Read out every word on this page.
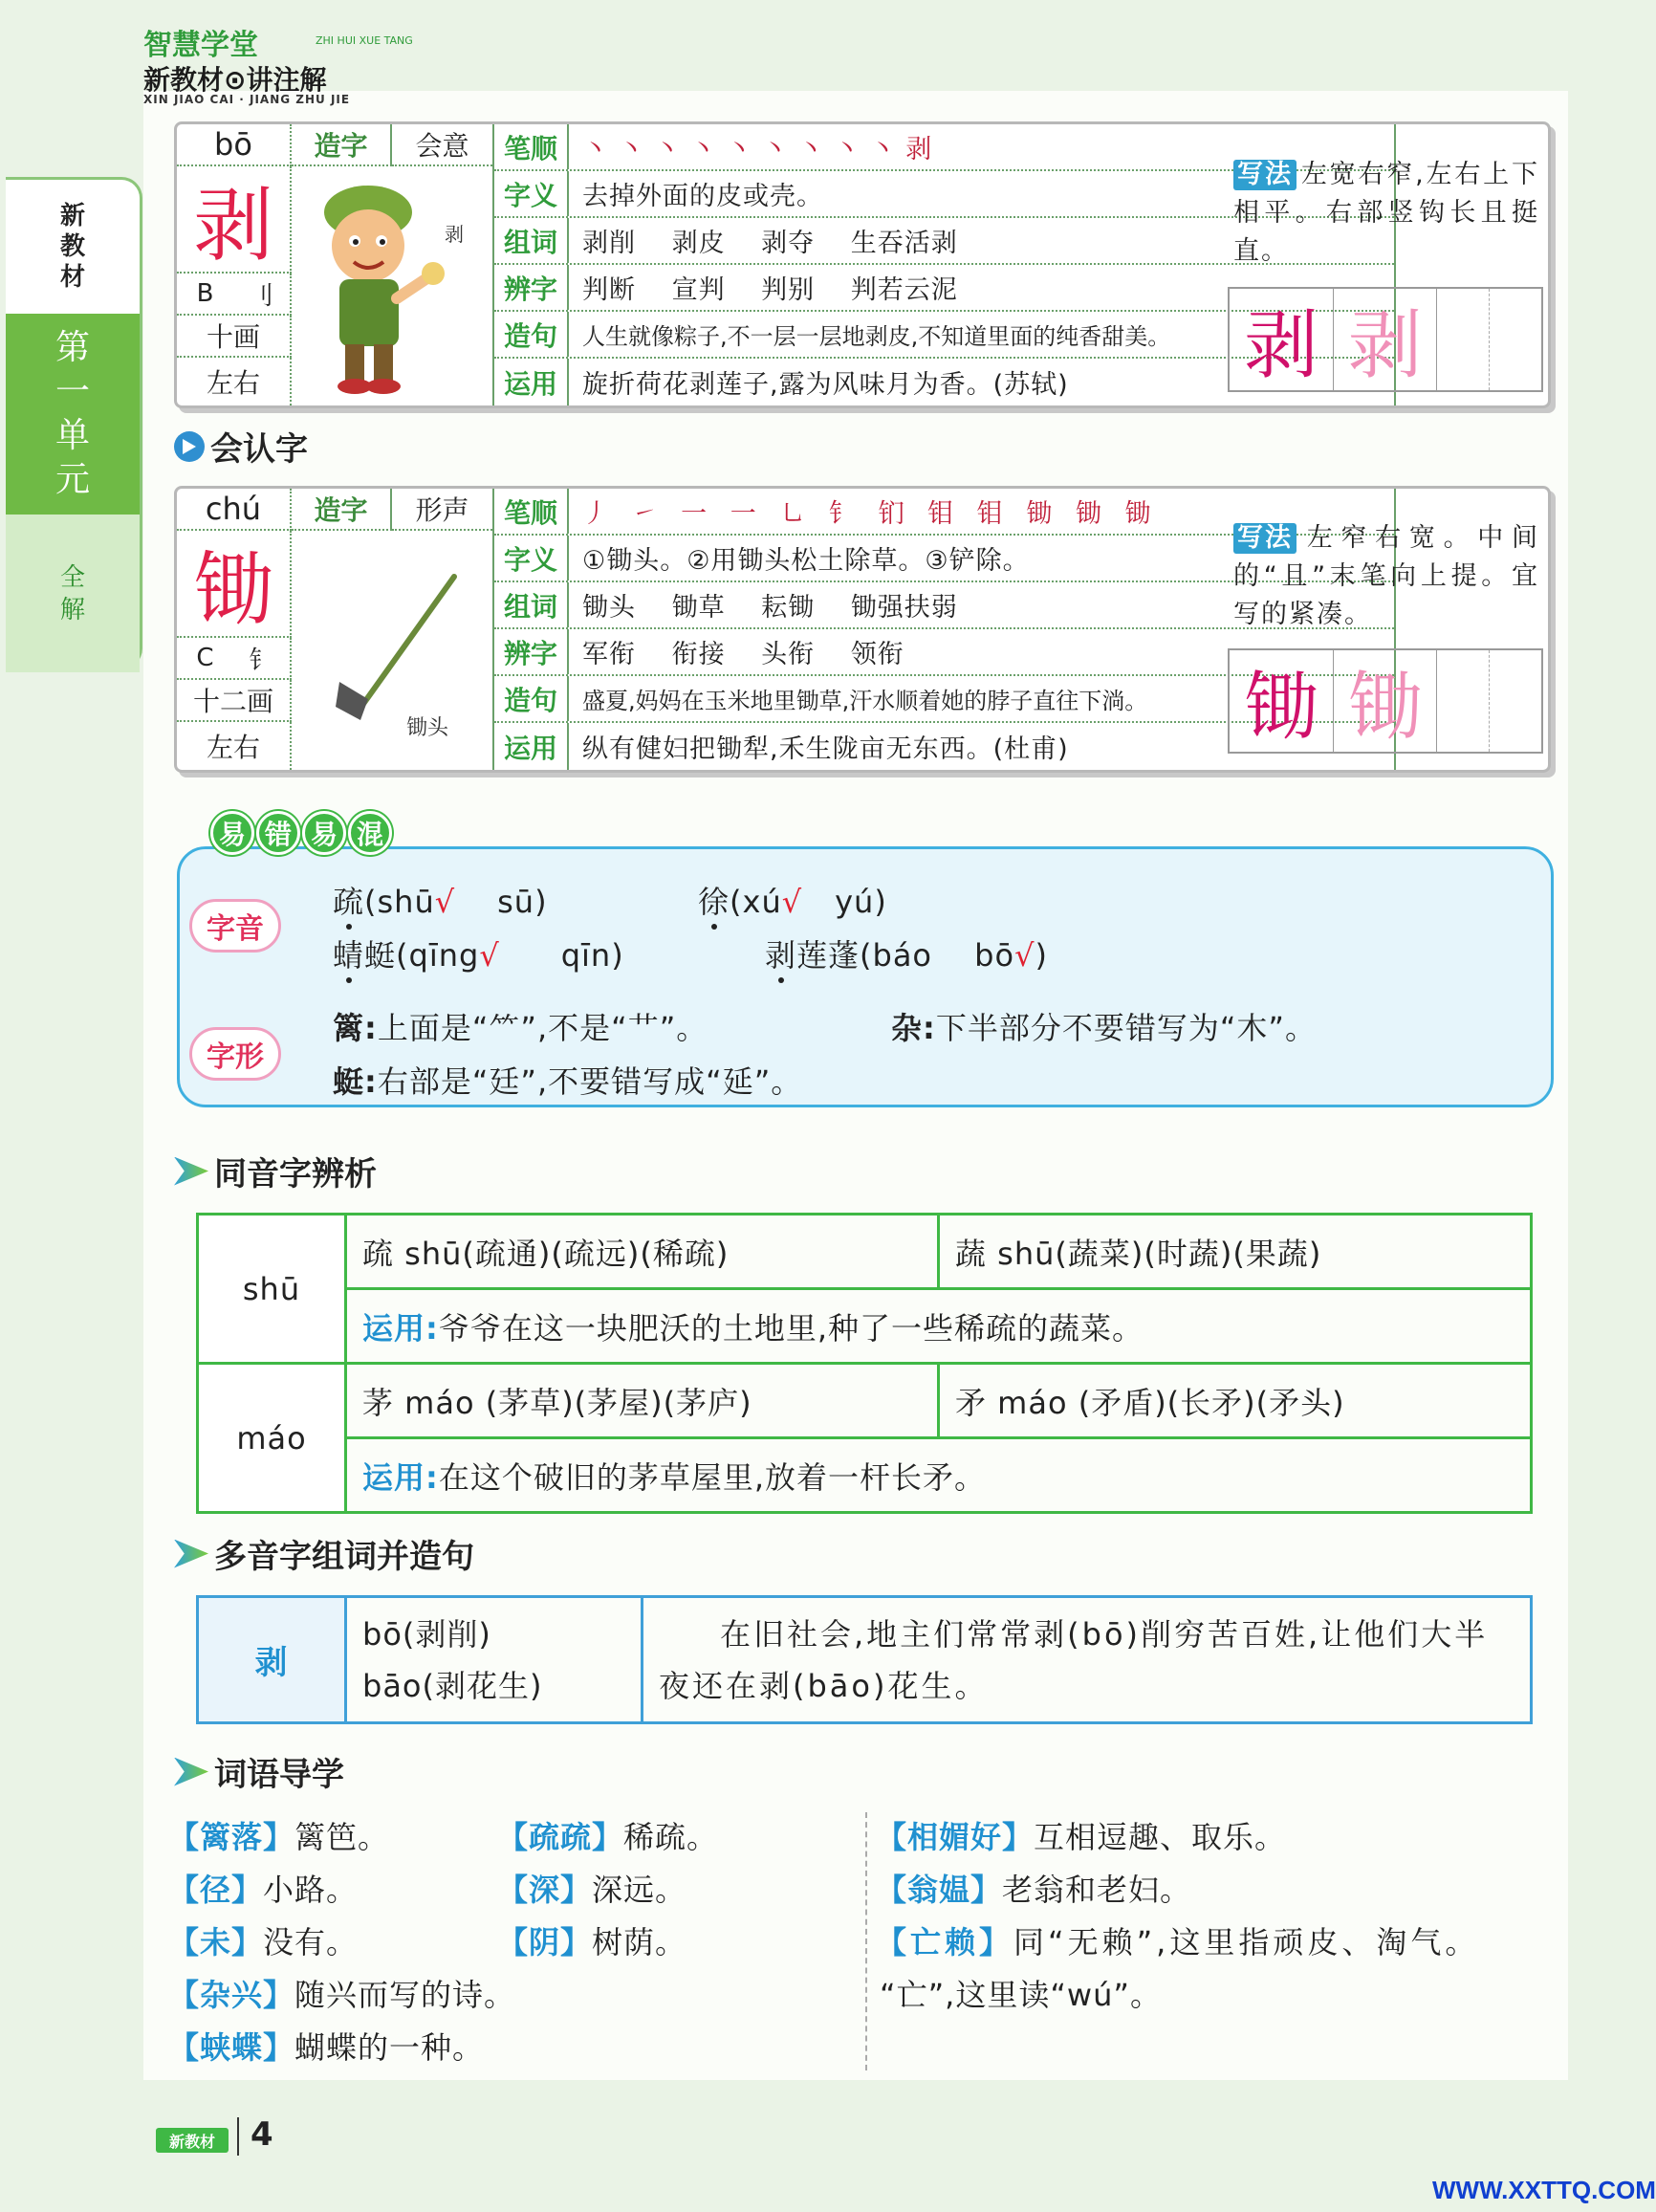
智慧学堂	ZHI HUI XUE TANG
新教材⊙讲注解
XIN JIAO CAI · JIANG ZHU JIE
新
教
材
第
一
单
元
全
解
bō	造字	会意
剥
B	刂
十画
左右
剥
笔顺 丶 丶 丶 丶 丶 丶 丶 丶 丶 剥
字义 去掉外面的皮或壳。
组词 剥削　 剥皮　 剥夺　 生吞活剥
辨字 判断　 宣判　 判别　 判若云泥
造句	人生就像粽子,不一层一层地剥皮,不知道里面的纯香甜美。
运用 旋折荷花剥莲子,露为风味月为香。(苏轼)
写法 左宽右窄,左右上下相平。右部竖钩长且挺直。
剥 剥
会认字
chú	造字	形声
锄
C	钅
十二画
左右
锄头
笔顺 丿 ㇀ 一 一 ㇟ 钅 钔 钼 钼 锄 锄 锄
字义 ①锄头。②用锄头松土除草。③铲除。
组词 锄头　 锄草　 耘锄　 锄强扶弱
辨字 军衔　 衔接　 头衔　 领衔
造句	盛夏,妈妈在玉米地里锄草,汗水顺着她的脖子直往下淌。
运用 纵有健妇把锄犁,禾生陇亩无东西。(杜甫)
写法 左窄右宽。中间的“且”末笔向上提。宜写的紧凑。
锄 锄
易 错 易 混
字音
字形
疏(shū√ sū)	徐(xú√ yú)
蜻蜓(qīng√ qīn)	剥莲蓬(báo　 bō√)
篱:上面是“⺮”,不是“艹”。	杂:下半部分不要错写为“木”。
蜓:右部是“廷”,不要错写成“延”。
同音字辨析
shū	疏 shū(疏通)(疏远)(稀疏)	蔬 shū(蔬菜)(时蔬)(果蔬)
	运用:爷爷在这一块肥沃的土地里,种了一些稀疏的蔬菜。	
máo	茅 máo (茅草)(茅屋)(茅庐)	矛 máo (矛盾)(长矛)(矛头)
	运用:在这个破旧的茅草屋里,放着一杆长矛。	
多音字组词并造句
剥	
bō(剥削)
bāo(剥花生)
	在旧社会,地主们常常剥(bō)削穷苦百姓,让他们大半夜还在剥(bāo)花生。
词语导学
【篱落】篱笆。
【径】小路。
【未】没有。
【杂兴】随兴而写的诗。
【蛱蝶】蝴蝶的一种。
【疏疏】稀疏。
【深】深远。
【阴】树荫。
【相媚好】互相逗趣、取乐。
【翁媪】老翁和老妇。
【亡赖】同“无赖”,这里指顽皮、淘气。
“亡”,这里读“wú”。
新教材	4
WWW.XXTTQ.COM
